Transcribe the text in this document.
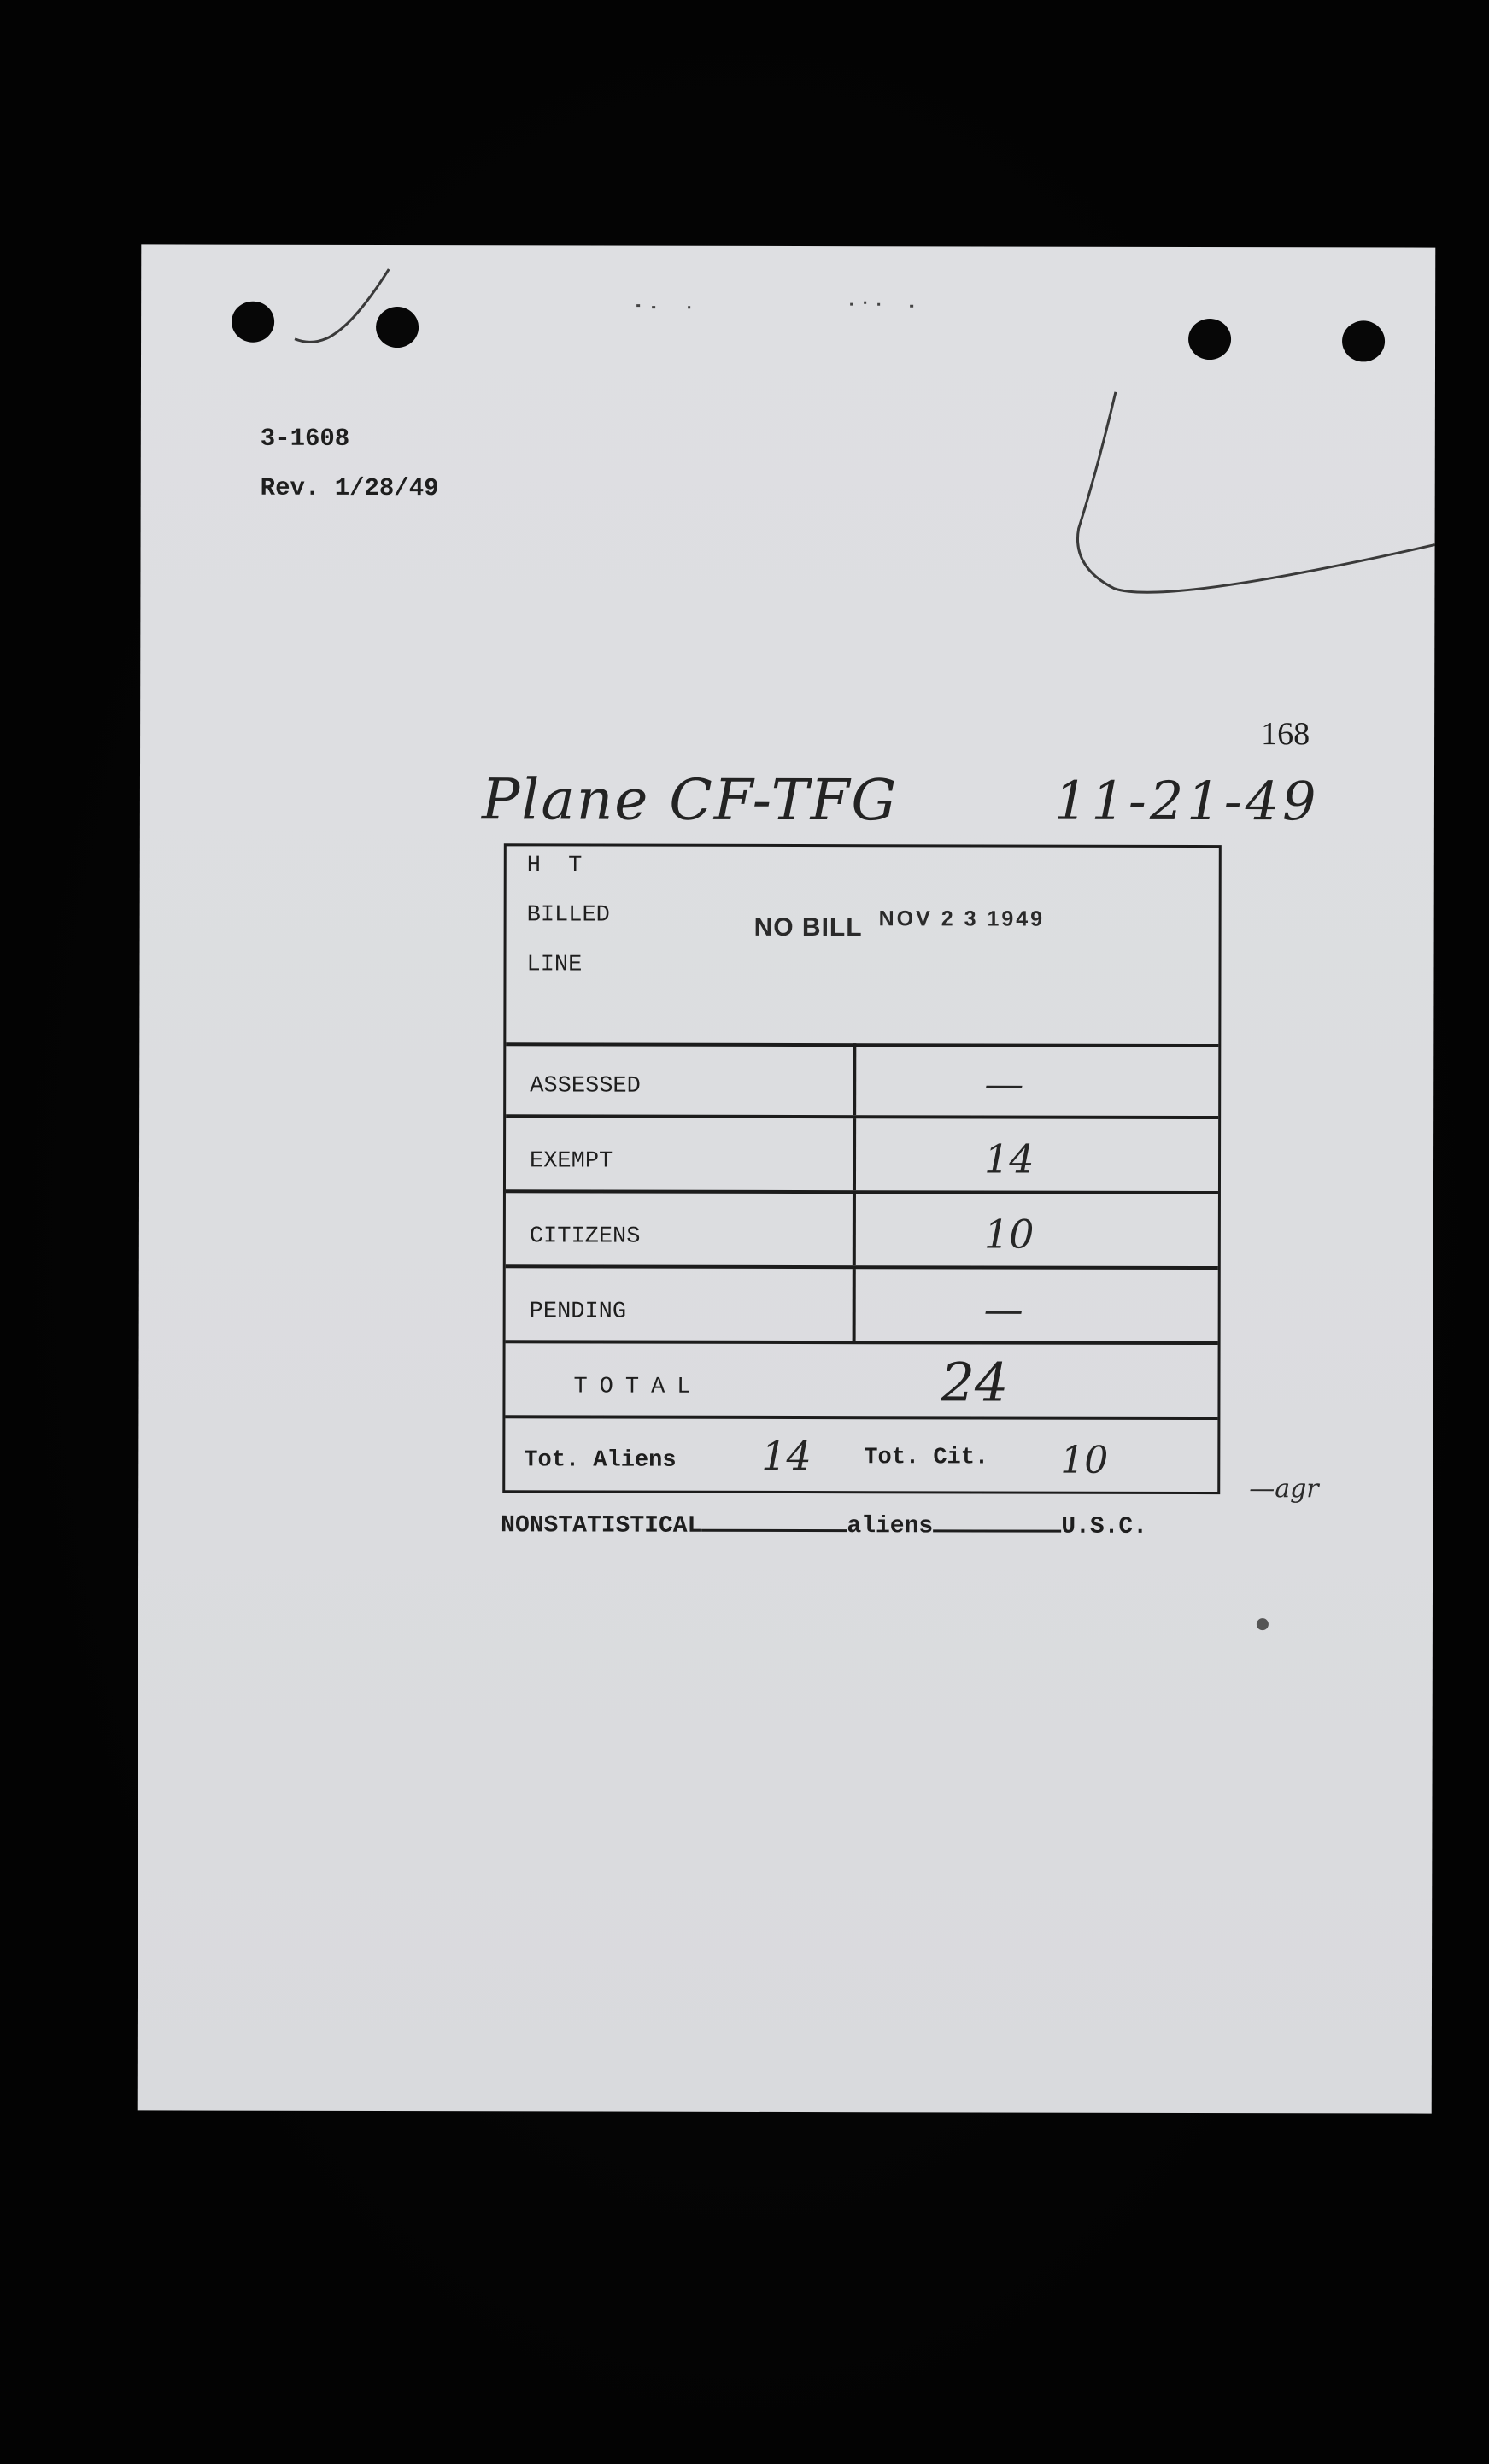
3-1608
Rev. 1/28/49
168
Plane CF-TFG	11-21-49
H T
BILLED
LINE
NO BILL NOV 2 3 1949
ASSESSED	—
EXEMPT	14
CITIZENS	10
PENDING	—
TOTAL	24
Tot. Aliens 14 Tot. Cit. 10
—agr
NONSTATISTICAL	aliens	U.S.C.
